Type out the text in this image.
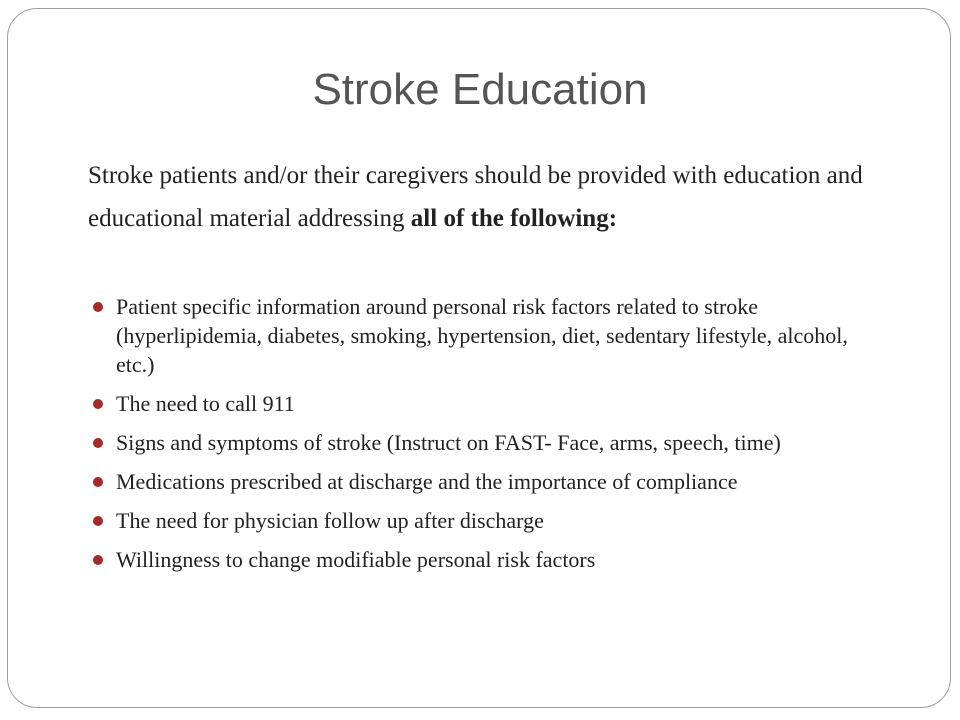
Stroke Education

Stroke patients and/or their caregivers should be provided with education and educational material addressing all of the following:

Patient specific information around personal risk factors related to stroke (hyperlipidemia, diabetes, smoking, hypertension, diet, sedentary lifestyle, alcohol, etc.)
The need to call 911
Signs and symptoms of stroke (Instruct on FAST- Face, arms, speech, time)
Medications prescribed at discharge and the importance of compliance
The need for physician follow up after discharge
Willingness to change modifiable personal risk factors
